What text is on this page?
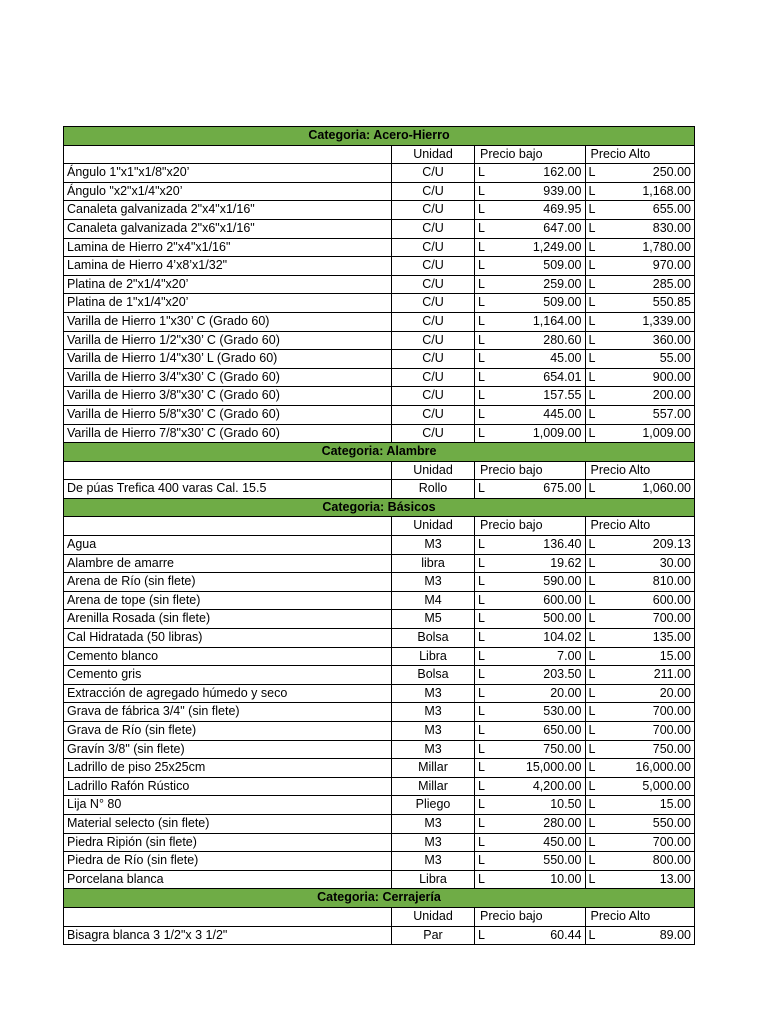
Categoria: Acero-Hierro					
	Unidad	Precio bajo		Precio Alto	
Ángulo 1"x1"x1/8"x20’	C/U	L	162.00	L	250.00
Ángulo "x2"x1/4"x20’	C/U	L	939.00	L	1,168.00
Canaleta galvanizada 2"x4"x1/16"	C/U	L	469.95	L	655.00
Canaleta galvanizada 2"x6"x1/16"	C/U	L	647.00	L	830.00
Lamina de Hierro 2"x4"x1/16"	C/U	L	1,249.00	L	1,780.00
Lamina de Hierro 4’x8’x1/32"	C/U	L	509.00	L	970.00
Platina de 2"x1/4"x20’	C/U	L	259.00	L	285.00
Platina de 1"x1/4"x20’	C/U	L	509.00	L	550.85
Varilla de Hierro 1"x30’ C (Grado 60)	C/U	L	1,164.00	L	1,339.00
Varilla de Hierro 1/2"x30’ C (Grado 60)	C/U	L	280.60	L	360.00
Varilla de Hierro 1/4"x30’ L (Grado 60)	C/U	L	45.00	L	55.00
Varilla de Hierro 3/4"x30’ C (Grado 60)	C/U	L	654.01	L	900.00
Varilla de Hierro 3/8"x30’ C (Grado 60)	C/U	L	157.55	L	200.00
Varilla de Hierro 5/8"x30’ C (Grado 60)	C/U	L	445.00	L	557.00
Varilla de Hierro 7/8"x30’ C (Grado 60)	C/U	L	1,009.00	L	1,009.00
Categoria: Alambre					
	Unidad	Precio bajo		Precio Alto	
De púas Trefica 400 varas Cal. 15.5	Rollo	L	675.00	L	1,060.00
Categoria: Básicos					
	Unidad	Precio bajo		Precio Alto	
Agua	M3	L	136.40	L	209.13
Alambre de amarre	libra	L	19.62	L	30.00
Arena de Río (sin flete)	M3	L	590.00	L	810.00
Arena de tope (sin flete)	M4	L	600.00	L	600.00
Arenilla Rosada (sin flete)	M5	L	500.00	L	700.00
Cal Hidratada (50 libras)	Bolsa	L	104.02	L	135.00
Cemento blanco	Libra	L	7.00	L	15.00
Cemento gris	Bolsa	L	203.50	L	211.00
Extracción de agregado húmedo y seco	M3	L	20.00	L	20.00
Grava de fábrica 3/4" (sin flete)	M3	L	530.00	L	700.00
Grava de Río (sin flete)	M3	L	650.00	L	700.00
Gravín 3/8" (sin flete)	M3	L	750.00	L	750.00
Ladrillo de piso 25x25cm	Millar	L	15,000.00	L	16,000.00
Ladrillo Rafón Rústico	Millar	L	4,200.00	L	5,000.00
Lija N° 80	Pliego	L	10.50	L	15.00
Material selecto (sin flete)	M3	L	280.00	L	550.00
Piedra Ripión (sin flete)	M3	L	450.00	L	700.00
Piedra de Río (sin flete)	M3	L	550.00	L	800.00
Porcelana blanca	Libra	L	10.00	L	13.00
Categoria: Cerrajería					
	Unidad	Precio bajo		Precio Alto	
Bisagra blanca 3 1/2"x 3 1/2"	Par	L	60.44	L	89.00
